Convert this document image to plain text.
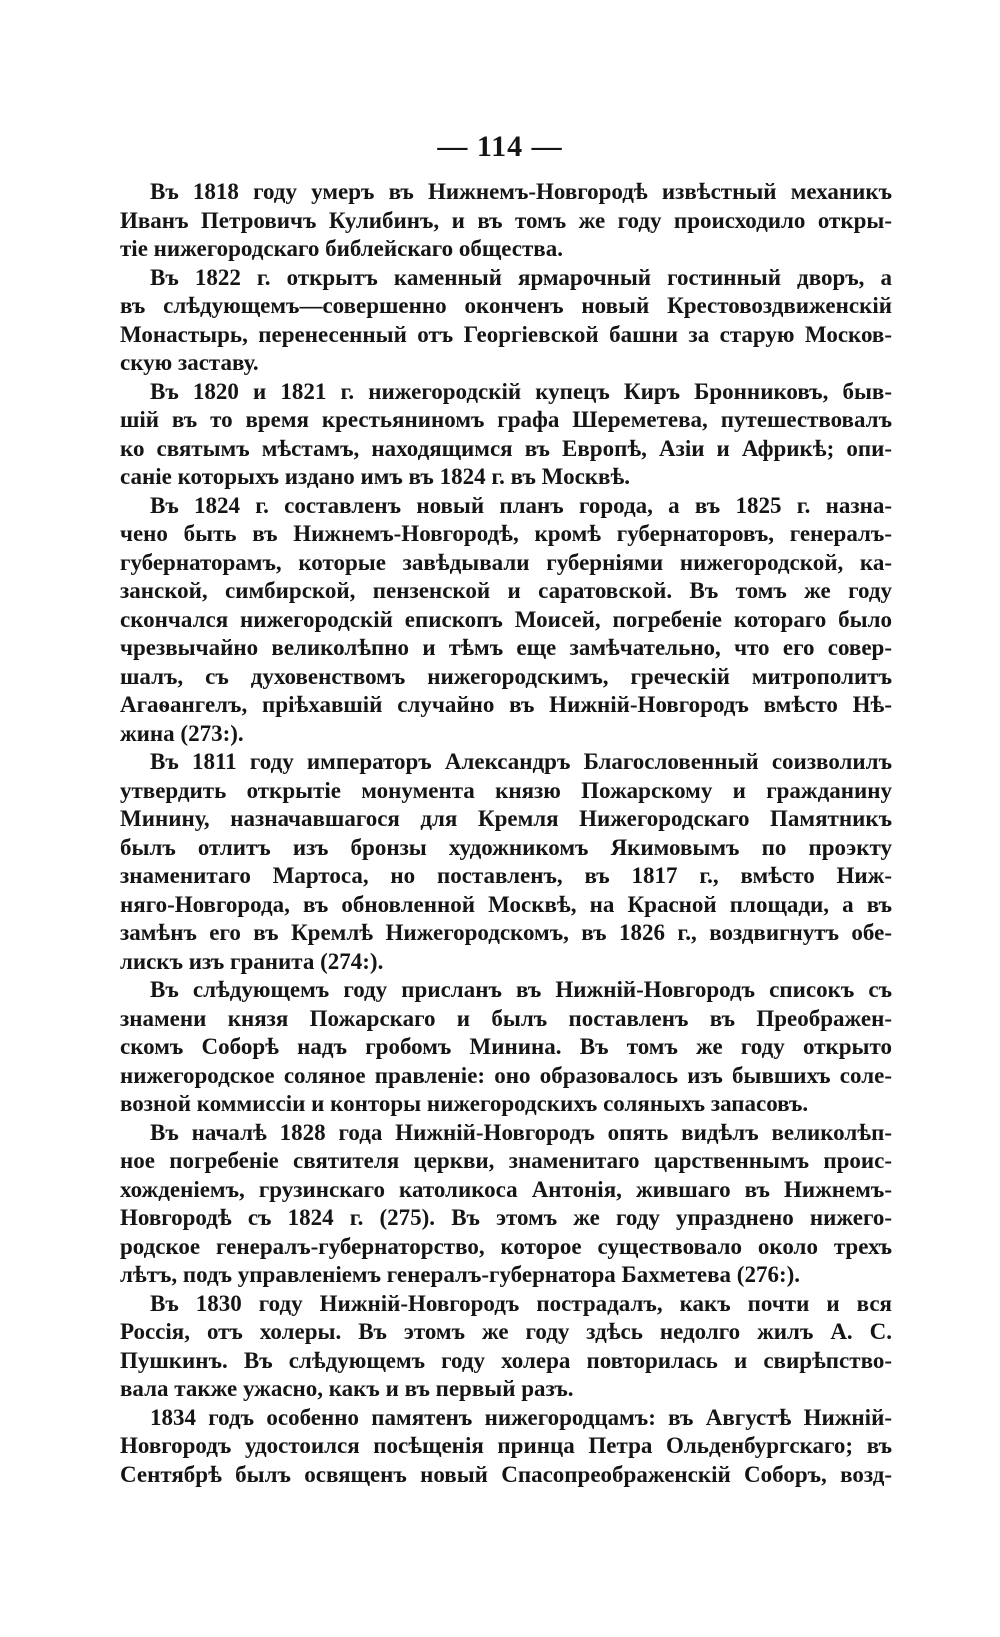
— 114 —
Въ 1818 году умеръ въ Нижнемъ-Новгородѣ извѣстный механикъ
Иванъ Петровичъ Кулибинъ, и въ томъ же году происходило откры-
тіе нижегородскаго библейскаго общества.
Въ 1822 г. открытъ каменный ярмарочный гостинный дворъ, а
въ слѣдующемъ—совершенно оконченъ новый Крестовоздвиженскій
Монастырь, перенесенный отъ Георгіевской башни за старую Москов-
скую заставу.
Въ 1820 и 1821 г. нижегородскій купецъ Киръ Бронниковъ, быв-
шій въ то время крестьяниномъ графа Шереметева, путешествовалъ
ко святымъ мѣстамъ, находящимся въ Европѣ, Азіи и Африкѣ; опи-
саніе которыхъ издано имъ въ 1824 г. въ Москвѣ.
Въ 1824 г. составленъ новый планъ города, а въ 1825 г. назна-
чено быть въ Нижнемъ-Новгородѣ, кромѣ губернаторовъ, генералъ-
губернаторамъ, которые завѣдывали губерніями нижегородской, ка-
занской, симбирской, пензенской и саратовской. Въ томъ же году
скончался нижегородскій епископъ Моисей, погребеніе котораго было
чрезвычайно великолѣпно и тѣмъ еще замѣчательно, что его совер-
шалъ, съ духовенствомъ нижегородскимъ, греческій митрополитъ
Агаѳангелъ, пріѣхавшій случайно въ Нижній-Новгородъ вмѣсто Нѣ-
жина (273:).
Въ 1811 году императоръ Александръ Благословенный соизволилъ
утвердить открытіе монумента князю Пожарскому и гражданину
Минину, назначавшагося для Кремля Нижегородскаго Памятникъ
былъ отлитъ изъ бронзы художникомъ Якимовымъ по проэкту
знаменитаго Мартоса, но поставленъ, въ 1817 г., вмѣсто Ниж-
няго-Новгорода, въ обновленной Москвѣ, на Красной площади, а въ
замѣнъ его въ Кремлѣ Нижегородскомъ, въ 1826 г., воздвигнутъ обе-
лискъ изъ гранита (274:).
Въ слѣдующемъ году присланъ въ Нижній-Новгородъ списокъ съ
знамени князя Пожарскаго и былъ поставленъ въ Преображен-
скомъ Соборѣ надъ гробомъ Минина. Въ томъ же году открыто
нижегородское соляное правленіе: оно образовалось изъ бывшихъ соле-
возной коммиссіи и конторы нижегородскихъ соляныхъ запасовъ.
Въ началѣ 1828 года Нижній-Новгородъ опять видѣлъ великолѣп-
ное погребеніе святителя церкви, знаменитаго царственнымъ проис-
хожденіемъ, грузинскаго католикоса Антонія, жившаго въ Нижнемъ-
Новгородѣ съ 1824 г. (275). Въ этомъ же году упразднено нижего-
родское генералъ-губернаторство, которое существовало около трехъ
лѣтъ, подъ управленіемъ генералъ-губернатора Бахметева (276:).
Въ 1830 году Нижній-Новгородъ пострадалъ, какъ почти и вся
Россія, отъ холеры. Въ этомъ же году здѣсь недолго жилъ А. С.
Пушкинъ. Въ слѣдующемъ году холера повторилась и свирѣпство-
вала также ужасно, какъ и въ первый разъ.
1834 годъ особенно памятенъ нижегородцамъ: въ Августѣ Нижній-
Новгородъ удостоился посѣщенія принца Петра Ольденбургскаго; въ
Сентябрѣ былъ освященъ новый Спасопреображенскій Соборъ, возд-
